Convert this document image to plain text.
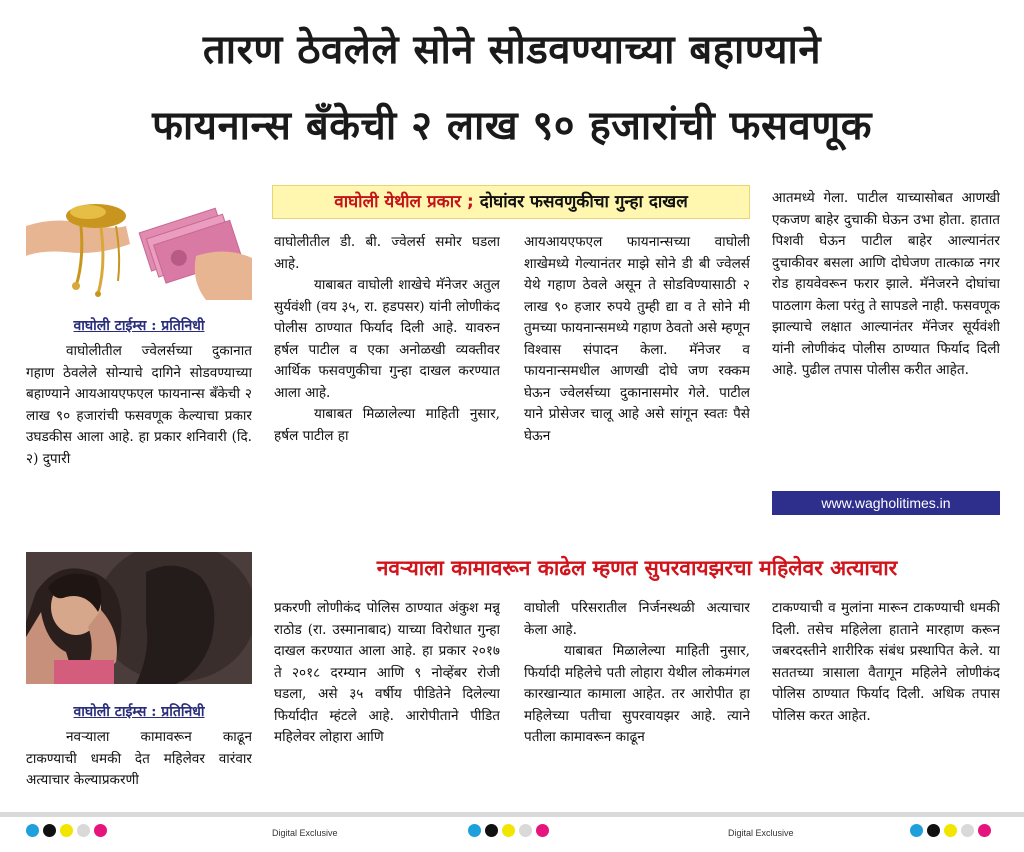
तारण ठेवलेले सोने सोडवण्याच्या बहाण्याने
फायनान्स बँकेची २ लाख ९० हजारांची फसवणूक
वाघोली टाईम्स : प्रतिनिधी

वाघोलीतील ज्वेलर्सच्या दुकानात गहाण ठेवलेले सोन्याचे दागिने सोडवण्याच्या बहाण्याने आयआयएफएल फायनान्स बँकेची २ लाख ९० हजारांची फसवणूक केल्याचा प्रकार उघडकीस आला आहे. हा प्रकार शनिवारी (दि. २) दुपारी

वाघोली येथील प्रकार ; दोघांवर फसवणुकीचा गुन्हा दाखल

वाघोलीतील डी. बी. ज्वेलर्स समोर घडला आहे.

याबाबत वाघोली शाखेचे मॅनेजर अतुल सुर्यवंशी (वय ३५, रा. हडपसर) यांनी लोणीकंद पोलीस ठाण्यात फिर्याद दिली आहे. यावरुन हर्षल पाटील व एका अनोळखी व्यक्तीवर आर्थिक फसवणुकीचा गुन्हा दाखल करण्यात आला आहे.

याबाबत मिळालेल्या माहिती नुसार, हर्षल पाटील हा

आयआयएफएल फायनान्सच्या वाघोली शाखेमध्ये गेल्यानंतर माझे सोने डी बी ज्वेलर्स येथे गहाण ठेवले असून ते सोडविण्यासाठी २ लाख ९० हजार रुपये तुम्ही द्या व ते सोने मी तुमच्या फायनान्समध्ये गहाण ठेवतो असे म्हणून विश्वास संपादन केला. मॅनेजर व फायनान्समधील आणखी दोघे जण रक्कम घेऊन ज्वेलर्सच्या दुकानासमोर गेले. पाटील याने प्रोसेजर चालू आहे असे सांगून स्वतः पैसे घेऊन

आतमध्ये गेला. पाटील याच्यासोबत आणखी एकजण बाहेर दुचाकी घेऊन उभा होता. हातात पिशवी घेऊन पाटील बाहेर आल्यानंतर दुचाकीवर बसला आणि दोघेजण तात्काळ नगर रोड हायवेवरून फरार झाले. मॅनेजरने दोघांचा पाठलाग केला परंतु ते सापडले नाही. फसवणूक झाल्याचे लक्षात आल्यानंतर मॅनेजर सूर्यवंशी यांनी लोणीकंद पोलीस ठाण्यात फिर्याद दिली आहे. पुढील तपास पोलीस करीत आहेत.

www.wagholitimes.in
नवऱ्याला कामावरून काढेल म्हणत सुपरवायझरचा महिलेवर अत्याचार
वाघोली टाईम्स : प्रतिनिधी

नवऱ्याला कामावरून काढून टाकण्याची धमकी देत महिलेवर वारंवार अत्याचार केल्याप्रकरणी

प्रकरणी लोणीकंद पोलिस ठाण्यात अंकुश मन्नू राठोड (रा. उस्मानाबाद) याच्या विरोधात गुन्हा दाखल करण्यात आला आहे. हा प्रकार २०१७ ते २०१८ दरम्यान आणि ९ नोव्हेंबर रोजी घडला, असे ३५ वर्षीय पीडितेने दिलेल्या फिर्यादीत म्हंटले आहे. आरोपीताने पीडित महिलेवर लोहारा आणि

वाघोली परिसरातील निर्जनस्थळी अत्याचार केला आहे.

याबाबत मिळालेल्या माहिती नुसार, फिर्यादी महिलेचे पती लोहारा येथील लोकमंगल कारखान्यात कामाला आहेत. तर आरोपीत हा महिलेच्या पतीचा सुपरवायझर आहे. त्याने पतीला कामावरून काढून

टाकण्याची व मुलांना मारून टाकण्याची धमकी दिली. तसेच महिलेला हाताने मारहाण करून जबरदस्तीने शारीरिक संबंध प्रस्थापित केले. या सततच्या त्रासाला वैतागून महिलेने लोणीकंद पोलिस ठाण्यात फिर्याद दिली. अधिक तपास पोलिस करत आहेत.

Digital Exclusive	Digital Exclusive
